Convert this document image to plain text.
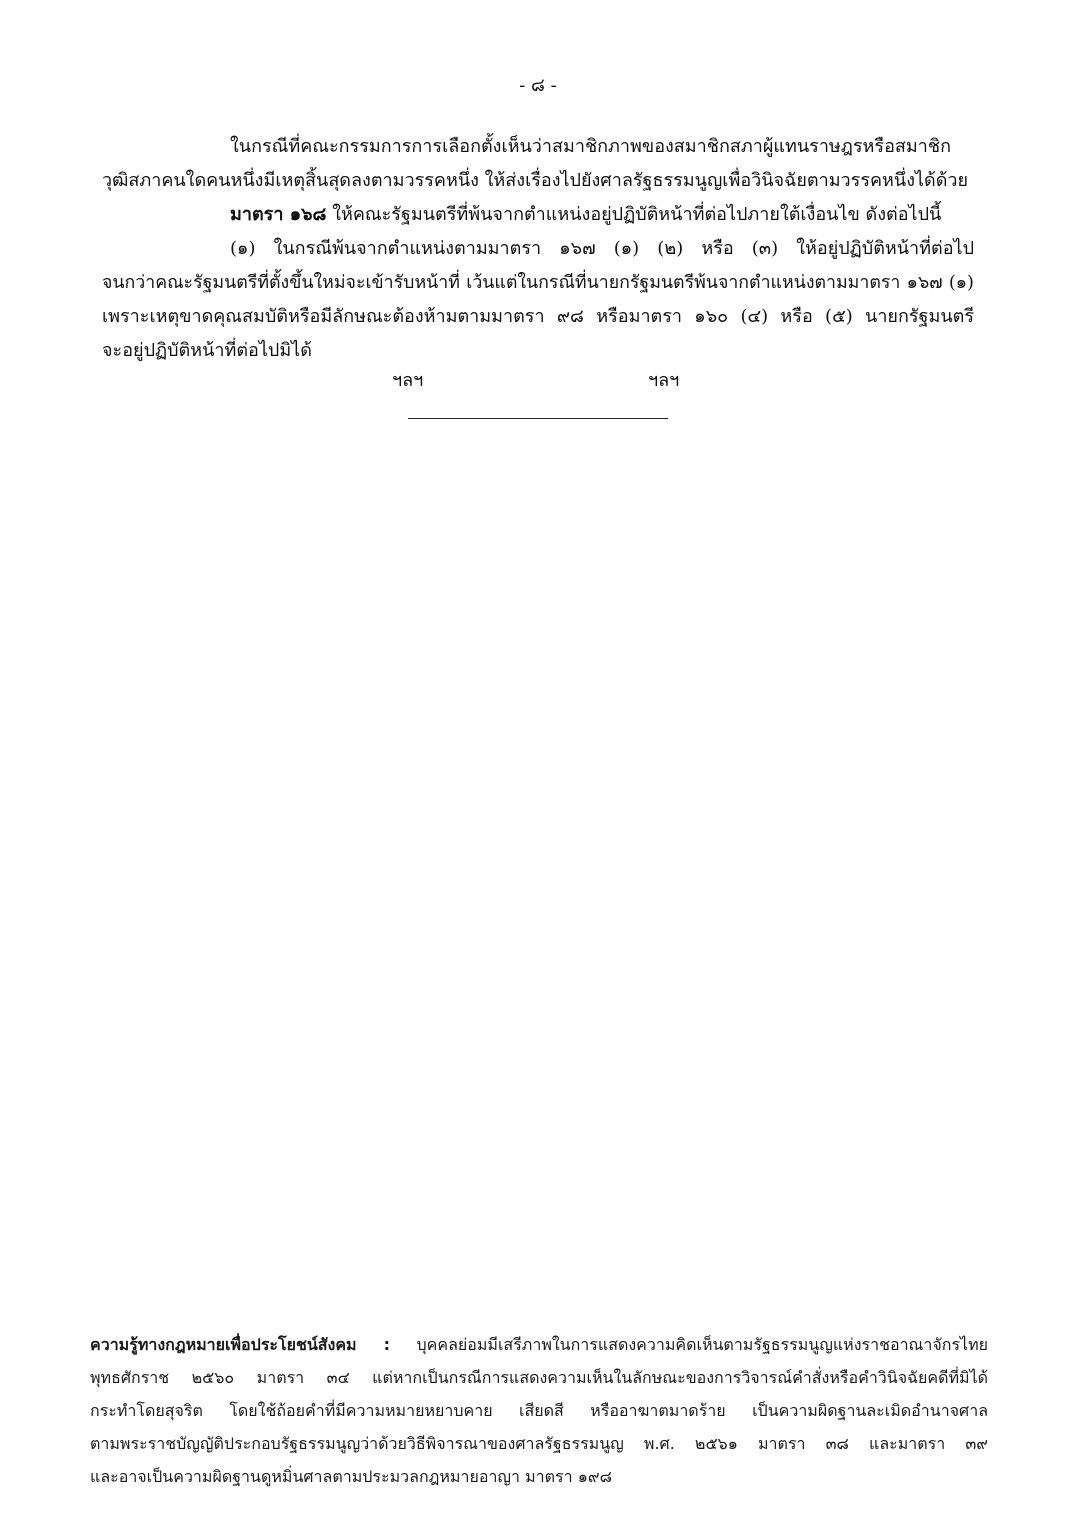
- ๘ -
ในกรณีที่คณะกรรมการการเลือกตั้งเห็นว่าสมาชิกภาพของสมาชิกสภาผู้แทนราษฎรหรือสมาชิก
วุฒิสภาคนใดคนหนึ่งมีเหตุสิ้นสุดลงตามวรรคหนึ่ง ให้ส่งเรื่องไปยังศาลรัฐธรรมนูญเพื่อวินิจฉัยตามวรรคหนึ่งได้ด้วย
มาตรา ๑๖๘ ให้คณะรัฐมนตรีที่พ้นจากตำแหน่งอยู่ปฏิบัติหน้าที่ต่อไปภายใต้เงื่อนไข ดังต่อไปนี้
(๑) ในกรณีพ้นจากตำแหน่งตามมาตรา ๑๖๗ (๑) (๒) หรือ (๓) ให้อยู่ปฏิบัติหน้าที่ต่อไป
จนกว่าคณะรัฐมนตรีที่ตั้งขึ้นใหม่จะเข้ารับหน้าที่ เว้นแต่ในกรณีที่นายกรัฐมนตรีพ้นจากตำแหน่งตามมาตรา ๑๖๗ (๑)
เพราะเหตุขาดคุณสมบัติหรือมีลักษณะต้องห้ามตามมาตรา ๙๘ หรือมาตรา ๑๖๐ (๔) หรือ (๕) นายกรัฐมนตรี
จะอยู่ปฏิบัติหน้าที่ต่อไปมิได้
ฯลฯ	ฯลฯ
ความรู้ทางกฎหมายเพื่อประโยชน์สังคม : บุคคลย่อมมีเสรีภาพในการแสดงความคิดเห็นตามรัฐธรรมนูญแห่งราชอาณาจักรไทย
พุทธศักราช ๒๕๖๐ มาตรา ๓๔ แต่หากเป็นกรณีการแสดงความเห็นในลักษณะของการวิจารณ์คำสั่งหรือคำวินิจฉัยคดีที่มิได้
กระทำโดยสุจริต โดยใช้ถ้อยคำที่มีความหมายหยาบคาย เสียดสี หรืออาฆาตมาดร้าย เป็นความผิดฐานละเมิดอำนาจศาล
ตามพระราชบัญญัติประกอบรัฐธรรมนูญว่าด้วยวิธีพิจารณาของศาลรัฐธรรมนูญ พ.ศ. ๒๕๖๑ มาตรา ๓๘ และมาตรา ๓๙
และอาจเป็นความผิดฐานดูหมิ่นศาลตามประมวลกฎหมายอาญา มาตรา ๑๙๘
